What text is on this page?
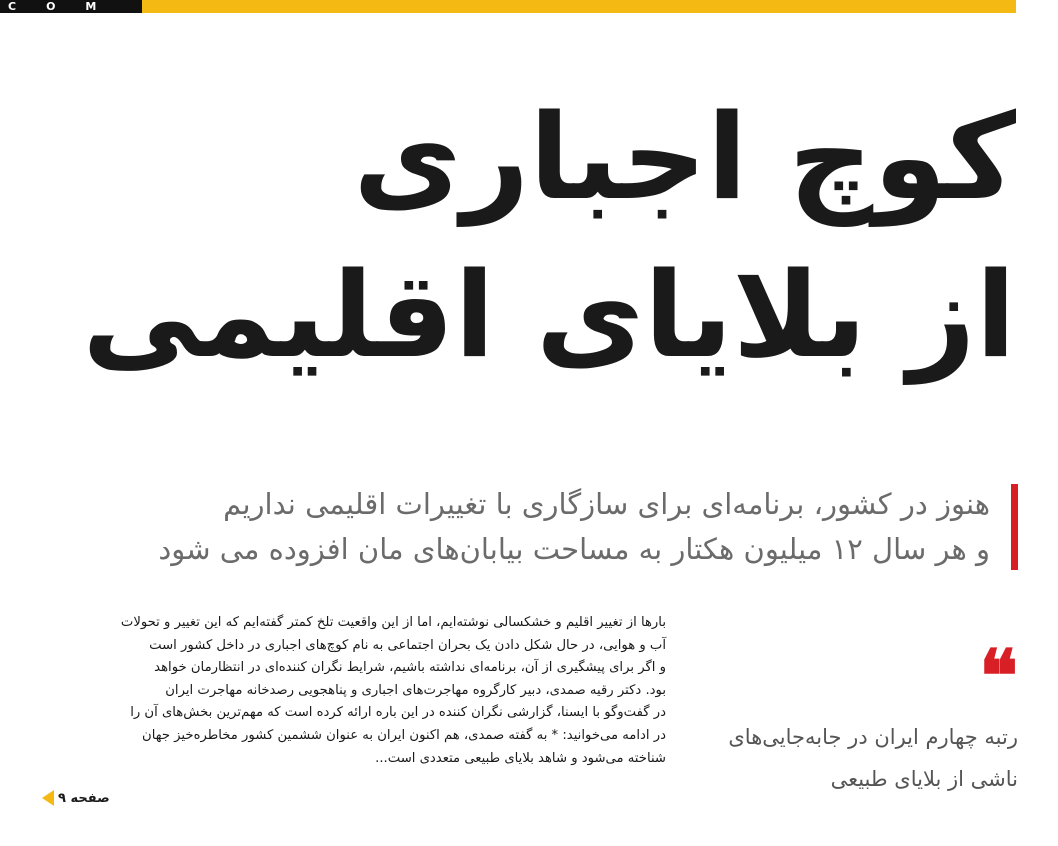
COM
کوچ اجباری
از بلایای اقلیمی
هنوز در کشور، برنامه‌ای برای سازگاری با تغییرات اقلیمی نداریم
و هر سال ۱۲ میلیون هکتار به مساحت بیابان‌های مان افزوده می شود
بارها از تغییر اقلیم و خشکسالی نوشته‌ایم، اما از این واقعیت تلخ کمتر گفته‌ایم که این تغییر و تحولات
آب و هوایی، در حال شکل دادن یک بحران اجتماعی به نام کوچ‌های اجباری در داخل کشور است
و اگر برای پیشگیری از آن، برنامه‌ای نداشته باشیم، شرایط نگران کننده‌ای در انتظارمان خواهد
بود. دکتر رقیه صمدی، دبیر کارگروه مهاجرت‌های اجباری و پناهجویی رصدخانه مهاجرت ایران
در گفت‌وگو با ایسنا، گزارشی نگران کننده در این باره ارائه کرده است که مهم‌ترین بخش‌های آن را
در ادامه می‌خوانید: * به گفته صمدی، هم اکنون ایران به عنوان ششمین کشور مخاطره‌خیز جهان
شناخته می‌شود و شاهد بلایای طبیعی متعددی است...
صفحه ۹
❝
رتبه چهارم ایران در جابه‌جایی‌های
ناشی از بلایای طبیعی
